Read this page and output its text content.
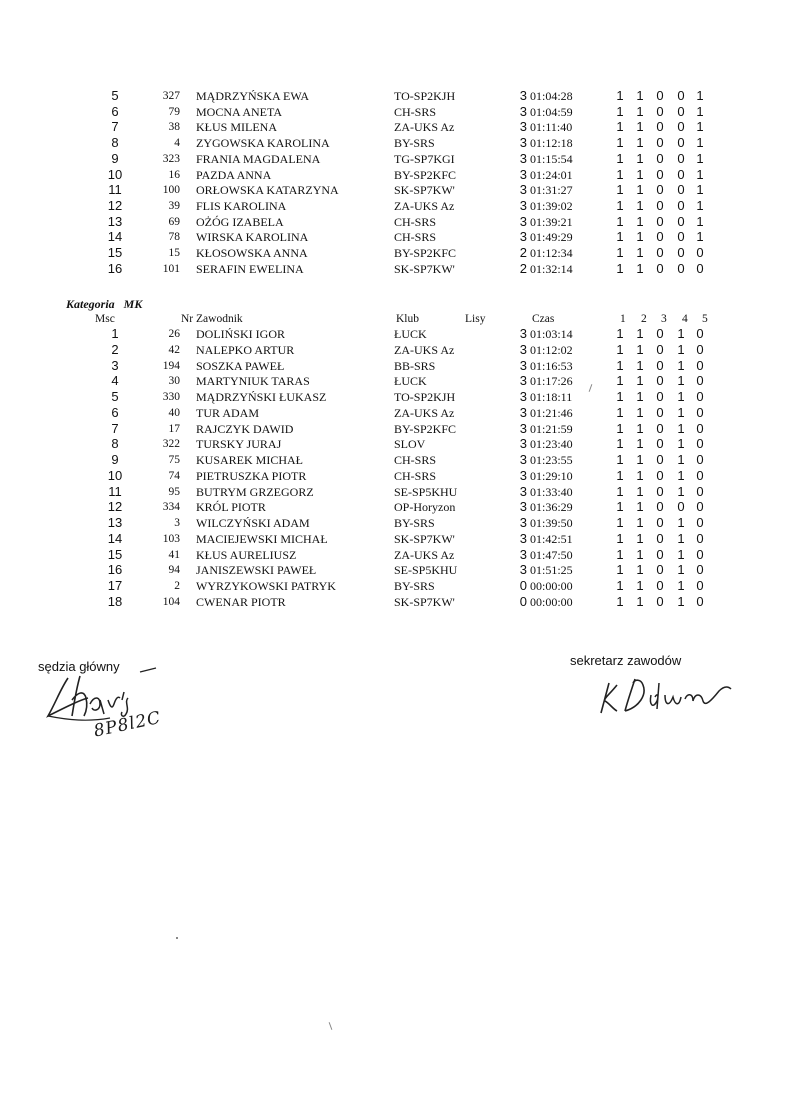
5	327 MĄDRZYŃSKA EWA	TO-SP2KJH	3 01:04:28	1 1 0 0 1
6	79 MOCNA ANETA	CH-SRS	3 01:04:59	1 1 0 0 1
7	38 KŁUS MILENA	ZA-UKS Az	3 01:11:40	1 1 0 0 1
8	4 ZYGOWSKA KAROLINA	BY-SRS	3 01:12:18	1 1 0 0 1
9	323 FRANIA MAGDALENA	TG-SP7KGI	3 01:15:54	1 1 0 0 1
10	16 PAZDA ANNA	BY-SP2KFC	3 01:24:01	1 1 0 0 1
11	100 ORŁOWSKA KATARZYNA	SK-SP7KW'	3 01:31:27	1 1 0 0 1
12	39 FLIS KAROLINA	ZA-UKS Az	3 01:39:02	1 1 0 0 1
13	69 OŻÓG IZABELA	CH-SRS	3 01:39:21	1 1 0 0 1
14	78 WIRSKA KAROLINA	CH-SRS	3 01:49:29	1 1 0 0 1
15	15 KŁOSOWSKA ANNA	BY-SP2KFC	2 01:12:34	1 1 0 0 0
16	101 SERAFIN EWELINA	SK-SP7KW'	2 01:32:14	1 1 0 0 0
Kategoria MK
Msc	Nr Zawodnik	Klub	Lisy	Czas	1 2 3 4 5
1	26 DOLIŃSKI IGOR	ŁUCK	3 01:03:14	1 1 0 1 0
2	42 NALEPKO ARTUR	ZA-UKS Az	3 01:12:02	1 1 0 1 0
3	194 SOSZKA PAWEŁ	BB-SRS	3 01:16:53	1 1 0 1 0
4	30 MARTYNIUK TARAS	ŁUCK	3 01:17:26	1 1 0 1 0
5	330 MĄDRZYŃSKI ŁUKASZ	TO-SP2KJH	3 01:18:11	1 1 0 1 0
6	40 TUR ADAM	ZA-UKS Az	3 01:21:46	1 1 0 1 0
7	17 RAJCZYK DAWID	BY-SP2KFC	3 01:21:59	1 1 0 1 0
8	322 TURSKY JURAJ	SLOV	3 01:23:40	1 1 0 1 0
9	75 KUSAREK MICHAŁ	CH-SRS	3 01:23:55	1 1 0 1 0
10	74 PIETRUSZKA PIOTR	CH-SRS	3 01:29:10	1 1 0 1 0
11	95 BUTRYM GRZEGORZ	SE-SP5KHU	3 01:33:40	1 1 0 1 0
12	334 KRÓL PIOTR	OP-Horyzon	3 01:36:29	1 1 0 0 0
13	3 WILCZYŃSKI ADAM	BY-SRS	3 01:39:50	1 1 0 1 0
14	103 MACIEJEWSKI MICHAŁ	SK-SP7KW'	3 01:42:51	1 1 0 1 0
15	41 KŁUS AURELIUSZ	ZA-UKS Az	3 01:47:50	1 1 0 1 0
16	94 JANISZEWSKI PAWEŁ	SE-SP5KHU	3 01:51:25	1 1 0 1 0
17	2 WYRZYKOWSKI PATRYK	BY-SRS	0 00:00:00	1 1 0 1 0
18	104 CWENAR PIOTR	SK-SP7KW'	0 00:00:00	1 1 0 1 0
sędzia główny
8P8l2C
sekretarz zawodów
